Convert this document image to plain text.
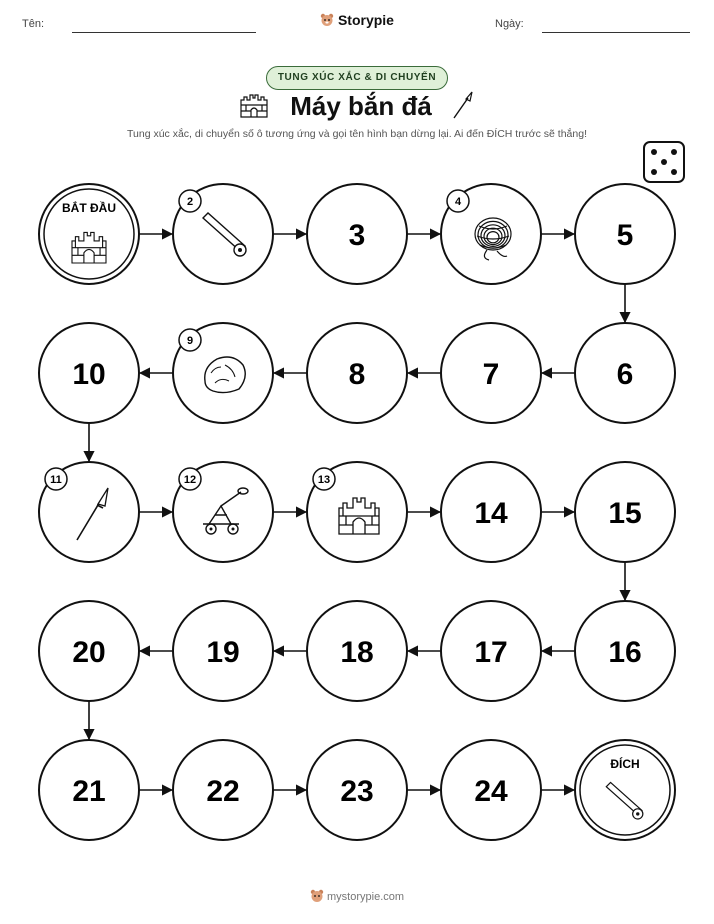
Tên:	Ngày:
Storypie
TUNG XÚC XẮC & DI CHUYỂN
Máy bắn đá
Tung xúc xắc, di chuyển số ô tương ứng và gọi tên hình bạn dừng lại. Ai đến ĐÍCH trước sẽ thắng!
BẮT ĐẦU	2
3
4
5
6
7
8
9
10
11	12	13
14	15
16
17
18
19
20
21	22	23	24
ĐÍCH
mystorypie.com
